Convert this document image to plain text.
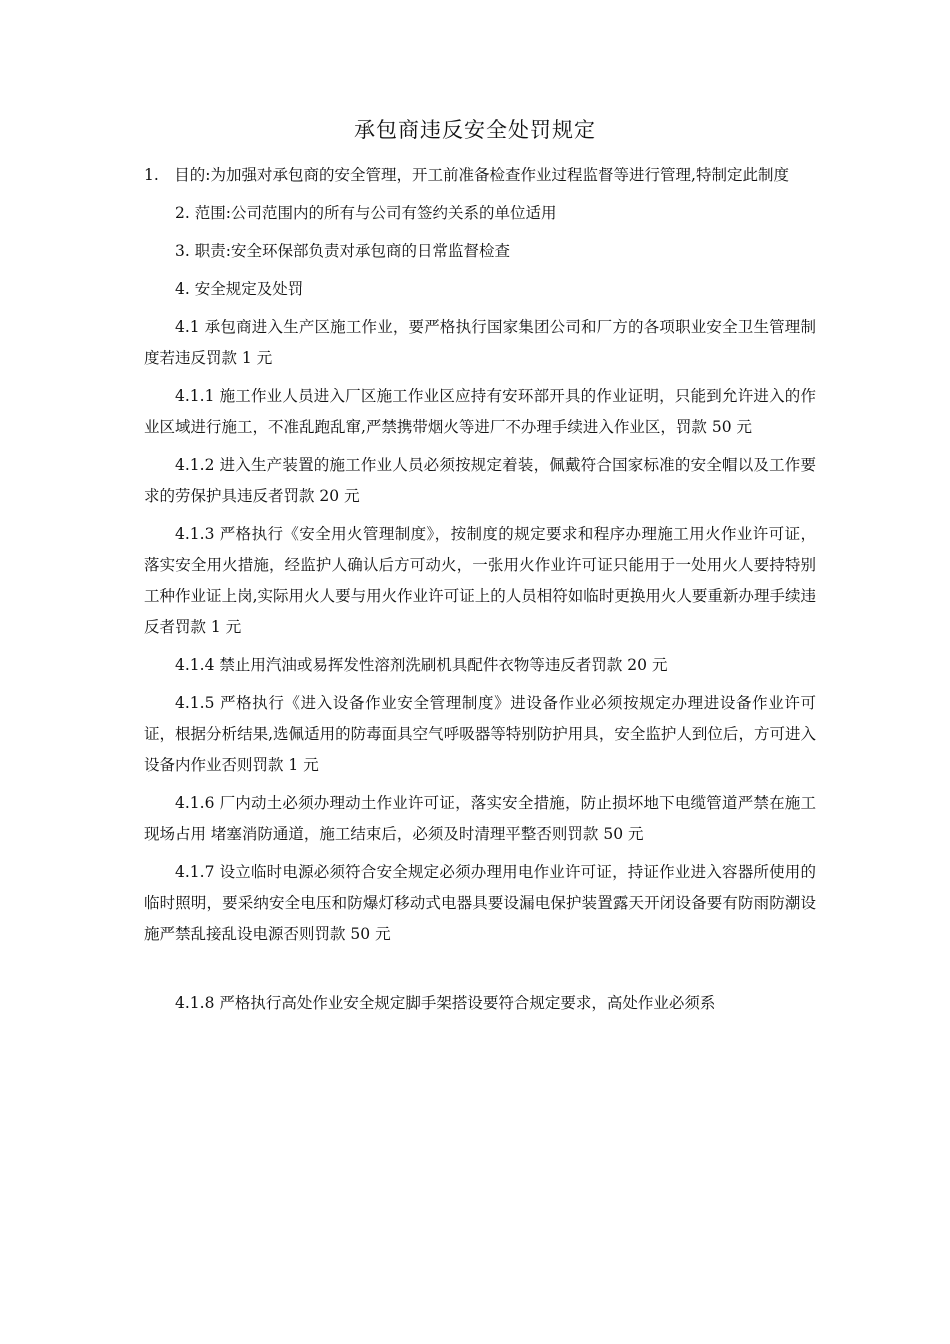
承包商违反安全处罚规定

1.　目的:为加强对承包商的安全管理，开工前准备检查作业过程监督等进行管理,特制定此制度

2. 范围:公司范围内的所有与公司有签约关系的单位适用

3. 职责:安全环保部负责对承包商的日常监督检查

4. 安全规定及处罚

4.1 承包商进入生产区施工作业，要严格执行国家集团公司和厂方的各项职业安全卫生管理制度若违反罚款 1 元

4.1.1 施工作业人员进入厂区施工作业区应持有安环部开具的作业证明，只能到允许进入的作业区域进行施工，不准乱跑乱窜,严禁携带烟火等进厂不办理手续进入作业区，罚款 50 元

4.1.2 进入生产装置的施工作业人员必须按规定着装，佩戴符合国家标准的安全帽以及工作要求的劳保护具违反者罚款 20 元

4.1.3 严格执行《安全用火管理制度》，按制度的规定要求和程序办理施工用火作业许可证，落实安全用火措施，经监护人确认后方可动火，一张用火作业许可证只能用于一处用火人要持特别工种作业证上岗,实际用火人要与用火作业许可证上的人员相符如临时更换用火人要重新办理手续违反者罚款 1 元

4.1.4 禁止用汽油或易挥发性溶剂洗刷机具配件衣物等违反者罚款 20 元

4.1.5 严格执行《进入设备作业安全管理制度》进设备作业必须按规定办理进设备作业许可证，根据分析结果,选佩适用的防毒面具空气呼吸器等特别防护用具，安全监护人到位后，方可进入设备内作业否则罚款 1 元

4.1.6 厂内动土必须办理动土作业许可证，落实安全措施，防止损坏地下电缆管道严禁在施工现场占用 堵塞消防通道，施工结束后，必须及时清理平整否则罚款 50 元

4.1.7 设立临时电源必须符合安全规定必须办理用电作业许可证，持证作业进入容器所使用的临时照明，要采纳安全电压和防爆灯移动式电器具要设漏电保护装置露天开闭设备要有防雨防潮设施严禁乱接乱设电源否则罚款 50 元

4.1.8 严格执行高处作业安全规定脚手架搭设要符合规定要求，高处作业必须系
